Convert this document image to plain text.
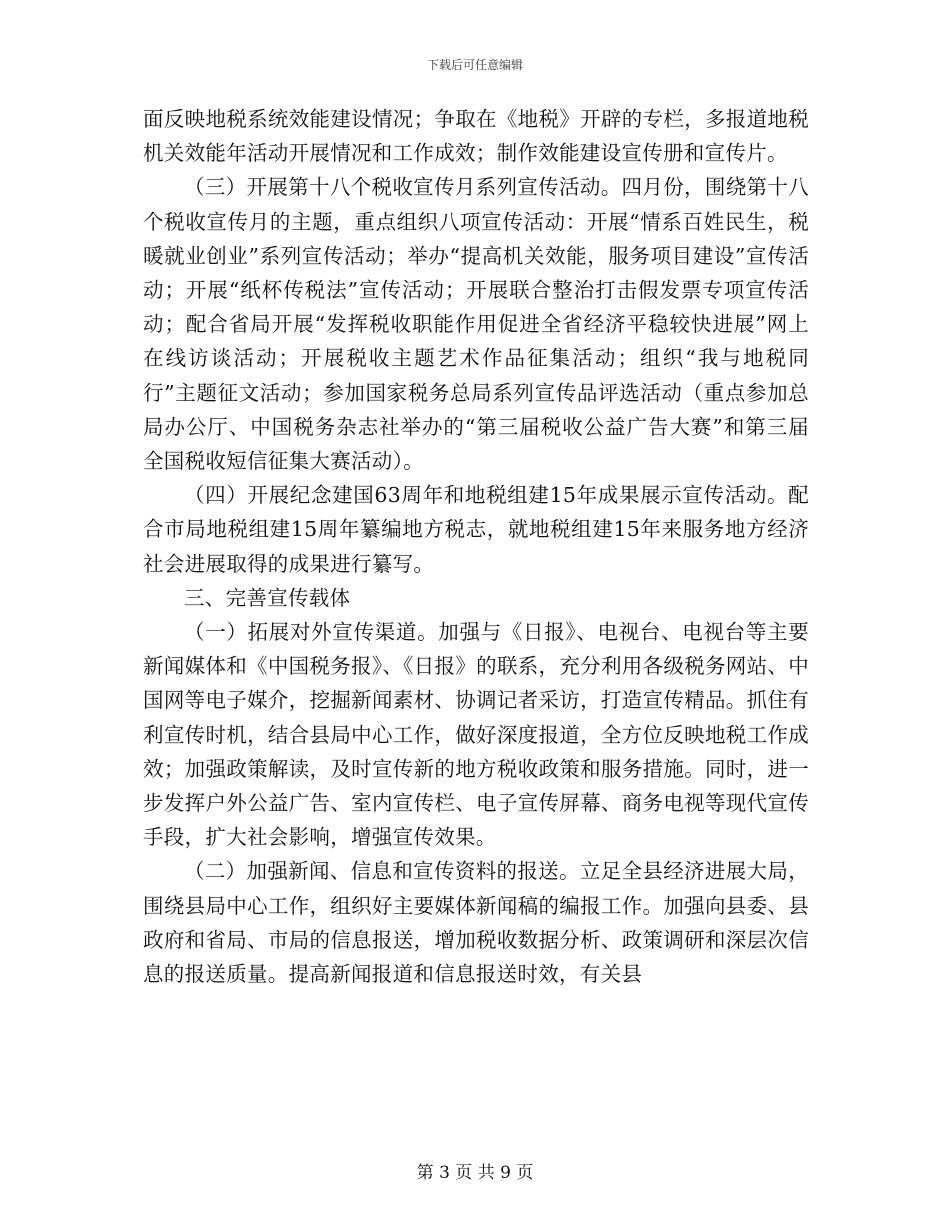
下载后可任意编辑

面反映地税系统效能建设情况；争取在《地税》开辟的专栏，多报道地税机关效能年活动开展情况和工作成效；制作效能建设宣传册和宣传片。

（三）开展第十八个税收宣传月系列宣传活动。四月份，围绕第十八个税收宣传月的主题，重点组织八项宣传活动：开展“情系百姓民生，税暖就业创业”系列宣传活动；举办“提高机关效能，服务项目建设”宣传活动；开展“纸杯传税法”宣传活动；开展联合整治打击假发票专项宣传活动；配合省局开展“发挥税收职能作用促进全省经济平稳较快进展”网上在线访谈活动；开展税收主题艺术作品征集活动；组织“我与地税同行”主题征文活动；参加国家税务总局系列宣传品评选活动（重点参加总局办公厅、中国税务杂志社举办的“第三届税收公益广告大赛”和第三届全国税收短信征集大赛活动）。

（四）开展纪念建国63周年和地税组建15年成果展示宣传活动。配合市局地税组建15周年纂编地方税志，就地税组建15年来服务地方经济社会进展取得的成果进行纂写。

三、完善宣传载体

（一）拓展对外宣传渠道。加强与《日报》、电视台、电视台等主要新闻媒体和《中国税务报》、《日报》的联系，充分利用各级税务网站、中国网等电子媒介，挖掘新闻素材、协调记者采访，打造宣传精品。抓住有利宣传时机，结合县局中心工作，做好深度报道，全方位反映地税工作成效；加强政策解读，及时宣传新的地方税收政策和服务措施。同时，进一步发挥户外公益广告、室内宣传栏、电子宣传屏幕、商务电视等现代宣传手段，扩大社会影响，增强宣传效果。

（二）加强新闻、信息和宣传资料的报送。立足全县经济进展大局，围绕县局中心工作，组织好主要媒体新闻稿的编报工作。加强向县委、县政府和省局、市局的信息报送，增加税收数据分析、政策调研和深层次信息的报送质量。提高新闻报道和信息报送时效，有关县

第 3 页 共 9 页
